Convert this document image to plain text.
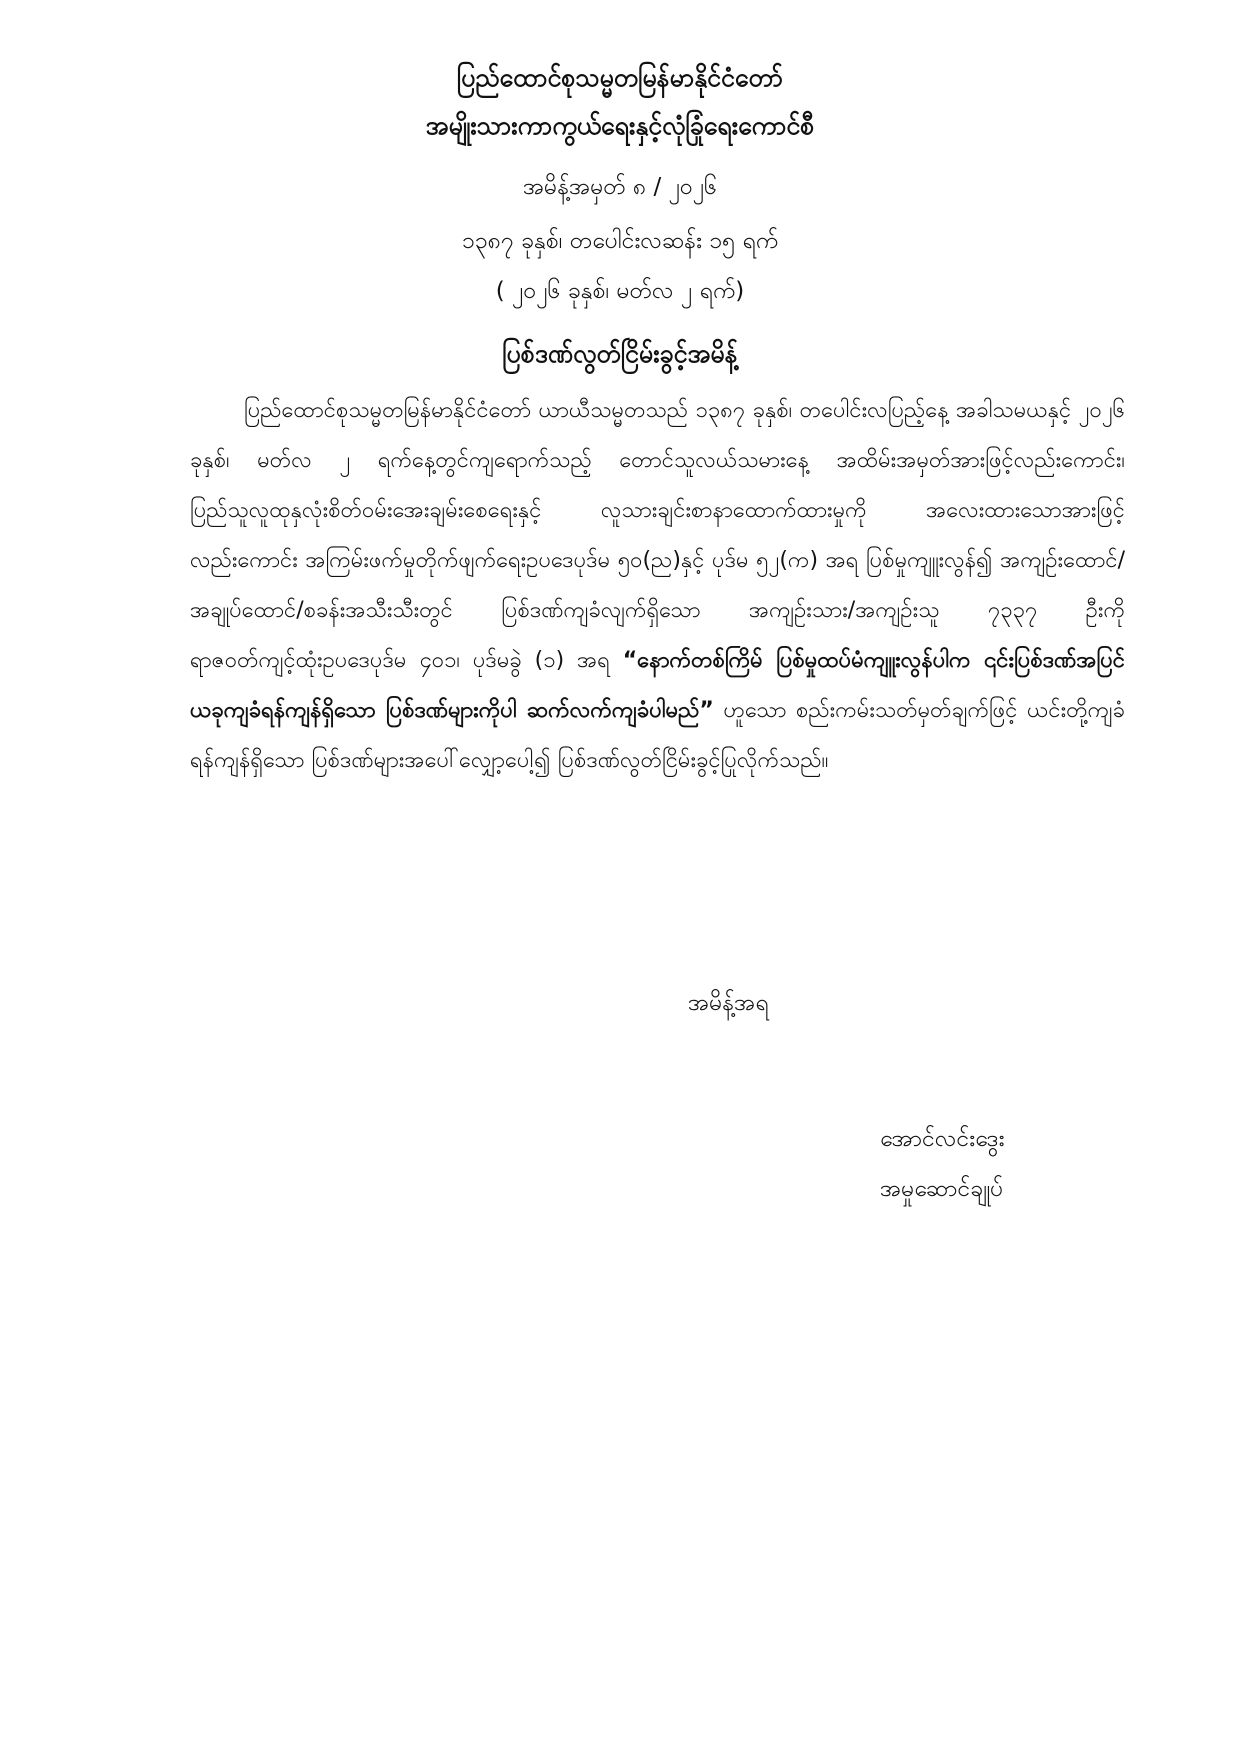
ပြည်ထောင်စုသမ္မတမြန်မာနိုင်ငံတော်
အမျိုးသားကာကွယ်ရေးနှင့်လုံခြုံရေးကောင်စီ
အမိန့်အမှတ် ၈ / ၂၀၂၆
၁၃၈၇ ခုနှစ်၊ တပေါင်းလဆန်း ၁၅ ရက်
( ၂၀၂၆ ခုနှစ်၊ မတ်လ ၂ ရက်)
ပြစ်ဒဏ်လွတ်ငြိမ်းခွင့်အမိန့်
ပြည်ထောင်စုသမ္မတမြန်မာနိုင်ငံတော် ယာယီသမ္မတသည် ၁၃၈၇ ခုနှစ်၊ တပေါင်းလပြည့်နေ့ အခါသမယနှင့် ၂၀၂၆ ခုနှစ်၊ မတ်လ ၂ ရက်နေ့တွင်ကျရောက်သည့် တောင်သူလယ်သမားနေ့ အထိမ်းအမှတ်အားဖြင့်လည်းကောင်း၊ ပြည်သူလူထုနှလုံးစိတ်ဝမ်းအေးချမ်းစေရေးနှင့် လူသားချင်းစာနာထောက်ထားမှုကို အလေးထားသောအားဖြင့်လည်းကောင်း အကြမ်းဖက်မှုတိုက်ဖျက်ရေးဥပဒေပုဒ်မ ၅၀(ည)နှင့် ပုဒ်မ ၅၂(က) အရ ပြစ်မှုကျူးလွန်၍ အကျဉ်းထောင်/အချုပ်ထောင်/စခန်းအသီးသီးတွင် ပြစ်ဒဏ်ကျခံလျက်ရှိသော အကျဉ်းသား/အကျဉ်းသူ ၇၃၃၇ ဦးကို ရာဇဝတ်ကျင့်ထုံးဥပဒေပုဒ်မ ၄၀၁၊ ပုဒ်မခွဲ (၁) အရ “နောက်တစ်ကြိမ် ပြစ်မှုထပ်မံကျူးလွန်ပါက ၎င်းပြစ်ဒဏ်အပြင် ယခုကျခံရန်ကျန်ရှိသော ပြစ်ဒဏ်များကိုပါ ဆက်လက်ကျခံပါမည်” ဟူသော စည်းကမ်းသတ်မှတ်ချက်ဖြင့် ယင်းတို့ကျခံရန်ကျန်ရှိသော ပြစ်ဒဏ်များအပေါ်လျှော့ပေါ့၍ ပြစ်ဒဏ်လွတ်ငြိမ်းခွင့်ပြုလိုက်သည်။
အမိန့်အရ
အောင်လင်းဒွေး
အမှုဆောင်ချုပ်
